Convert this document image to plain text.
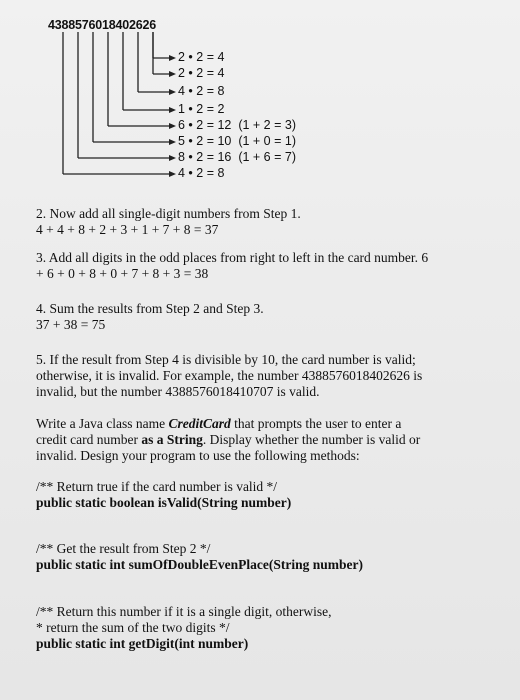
4388576018402626
2 • 2 = 4
2 • 2 = 4
4 • 2 = 8
1 • 2 = 2
6 • 2 = 12  (1 + 2 = 3)
5 • 2 = 10  (1 + 0 = 1)
8 • 2 = 16  (1 + 6 = 7)
4 • 2 = 8

2. Now add all single-digit numbers from Step 1.

4 + 4 + 8 + 2 + 3 + 1 + 7 + 8 = 37

3. Add all digits in the odd places from right to left in the card number. 6

+ 6 + 0 + 8 + 0 + 7 + 8 + 3 = 38

4. Sum the results from Step 2 and Step 3.

37 + 38 = 75

5. If the result from Step 4 is divisible by 10, the card number is valid;

otherwise, it is invalid. For example, the number 4388576018402626 is

invalid, but the number 4388576018410707 is valid.

Write a Java class name CreditCard that prompts the user to enter a

credit card number as a String. Display whether the number is valid or

invalid. Design your program to use the following methods:

/** Return true if the card number is valid */

public static boolean isValid(String number)

/** Get the result from Step 2 */

public static int sumOfDoubleEvenPlace(String number)

/** Return this number if it is a single digit, otherwise,

* return the sum of the two digits */

public static int getDigit(int number)
